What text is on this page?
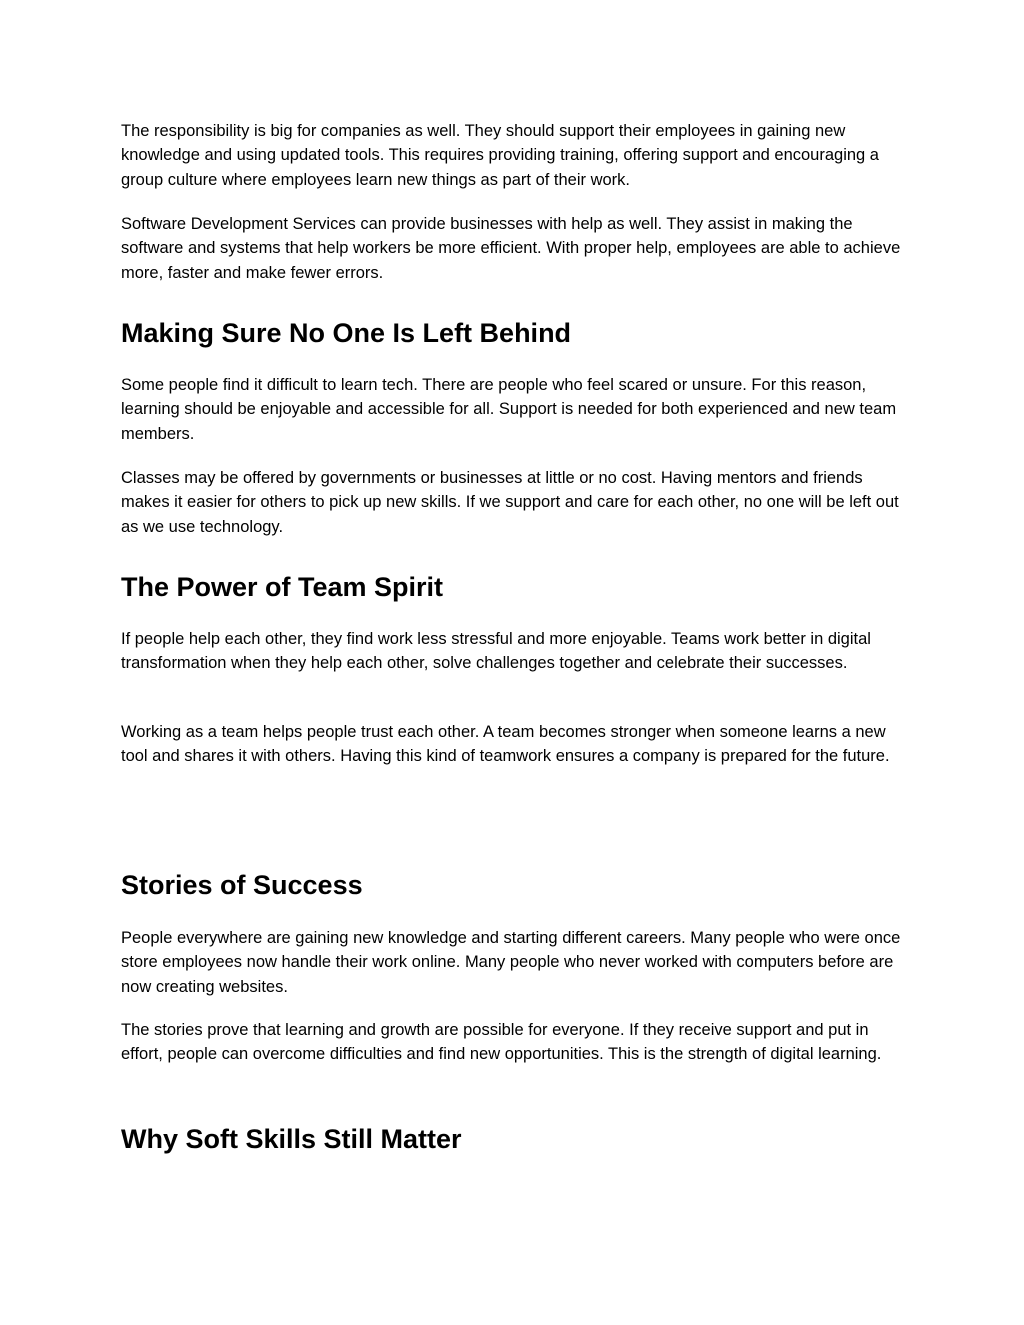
The responsibility is big for companies as well. They should support their employees in gaining new knowledge and using updated tools. This requires providing training, offering support and encouraging a group culture where employees learn new things as part of their work.

Software Development Services can provide businesses with help as well. They assist in making the software and systems that help workers be more efficient. With proper help, employees are able to achieve more, faster and make fewer errors.

Making Sure No One Is Left Behind

Some people find it difficult to learn tech. There are people who feel scared or unsure. For this reason, learning should be enjoyable and accessible for all. Support is needed for both experienced and new team members.

Classes may be offered by governments or businesses at little or no cost. Having mentors and friends makes it easier for others to pick up new skills. If we support and care for each other, no one will be left out as we use technology.

The Power of Team Spirit

If people help each other, they find work less stressful and more enjoyable. Teams work better in digital transformation when they help each other, solve challenges together and celebrate their successes.

Working as a team helps people trust each other. A team becomes stronger when someone learns a new tool and shares it with others. Having this kind of teamwork ensures a company is prepared for the future.

Stories of Success

People everywhere are gaining new knowledge and starting different careers. Many people who were once store employees now handle their work online. Many people who never worked with computers before are now creating websites.

The stories prove that learning and growth are possible for everyone. If they receive support and put in effort, people can overcome difficulties and find new opportunities. This is the strength of digital learning.

Why Soft Skills Still Matter
